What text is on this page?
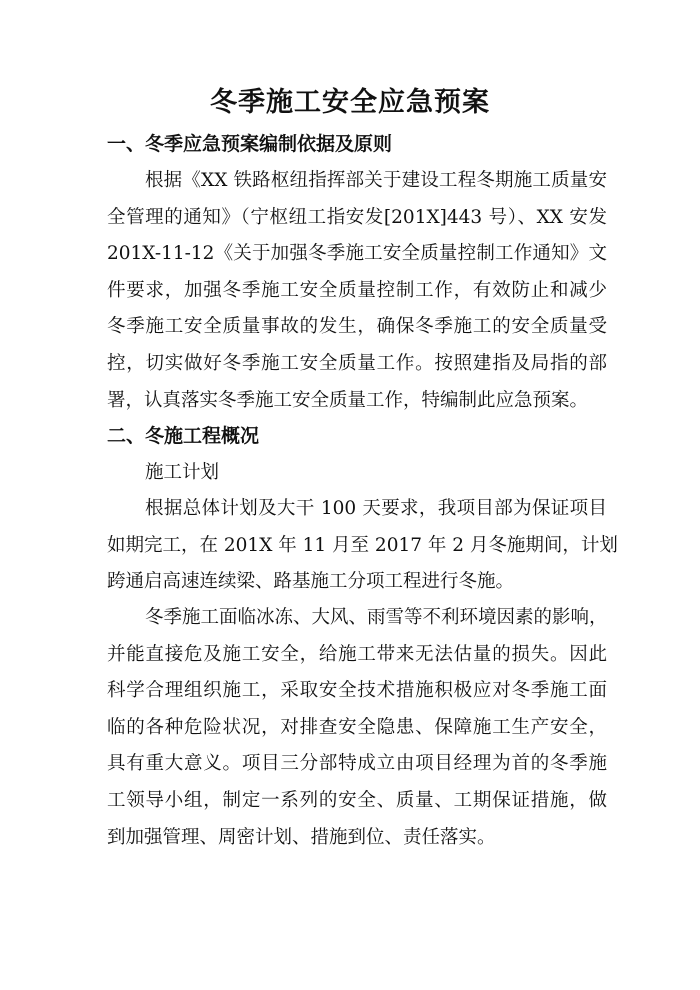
冬季施工安全应急预案
一、冬季应急预案编制依据及原则
根据《XX 铁路枢纽指挥部关于建设工程冬期施工质量安
全管理的通知》（宁枢纽工指安发[201X]443 号）、XX 安发
201X-11-12《关于加强冬季施工安全质量控制工作通知》文
件要求，加强冬季施工安全质量控制工作，有效防止和减少
冬季施工安全质量事故的发生，确保冬季施工的安全质量受
控，切实做好冬季施工安全质量工作。按照建指及局指的部
署，认真落实冬季施工安全质量工作，特编制此应急预案。
二、冬施工程概况
施工计划
根据总体计划及大干 100 天要求，我项目部为保证项目
如期完工，在 201X 年 11 月至 2017 年 2 月冬施期间，计划
跨通启高速连续梁、路基施工分项工程进行冬施。
冬季施工面临冰冻、大风、雨雪等不利环境因素的影响，
并能直接危及施工安全，给施工带来无法估量的损失。因此
科学合理组织施工，采取安全技术措施积极应对冬季施工面
临的各种危险状况，对排查安全隐患、保障施工生产安全，
具有重大意义。项目三分部特成立由项目经理为首的冬季施
工领导小组，制定一系列的安全、质量、工期保证措施，做
到加强管理、周密计划、措施到位、责任落实。
